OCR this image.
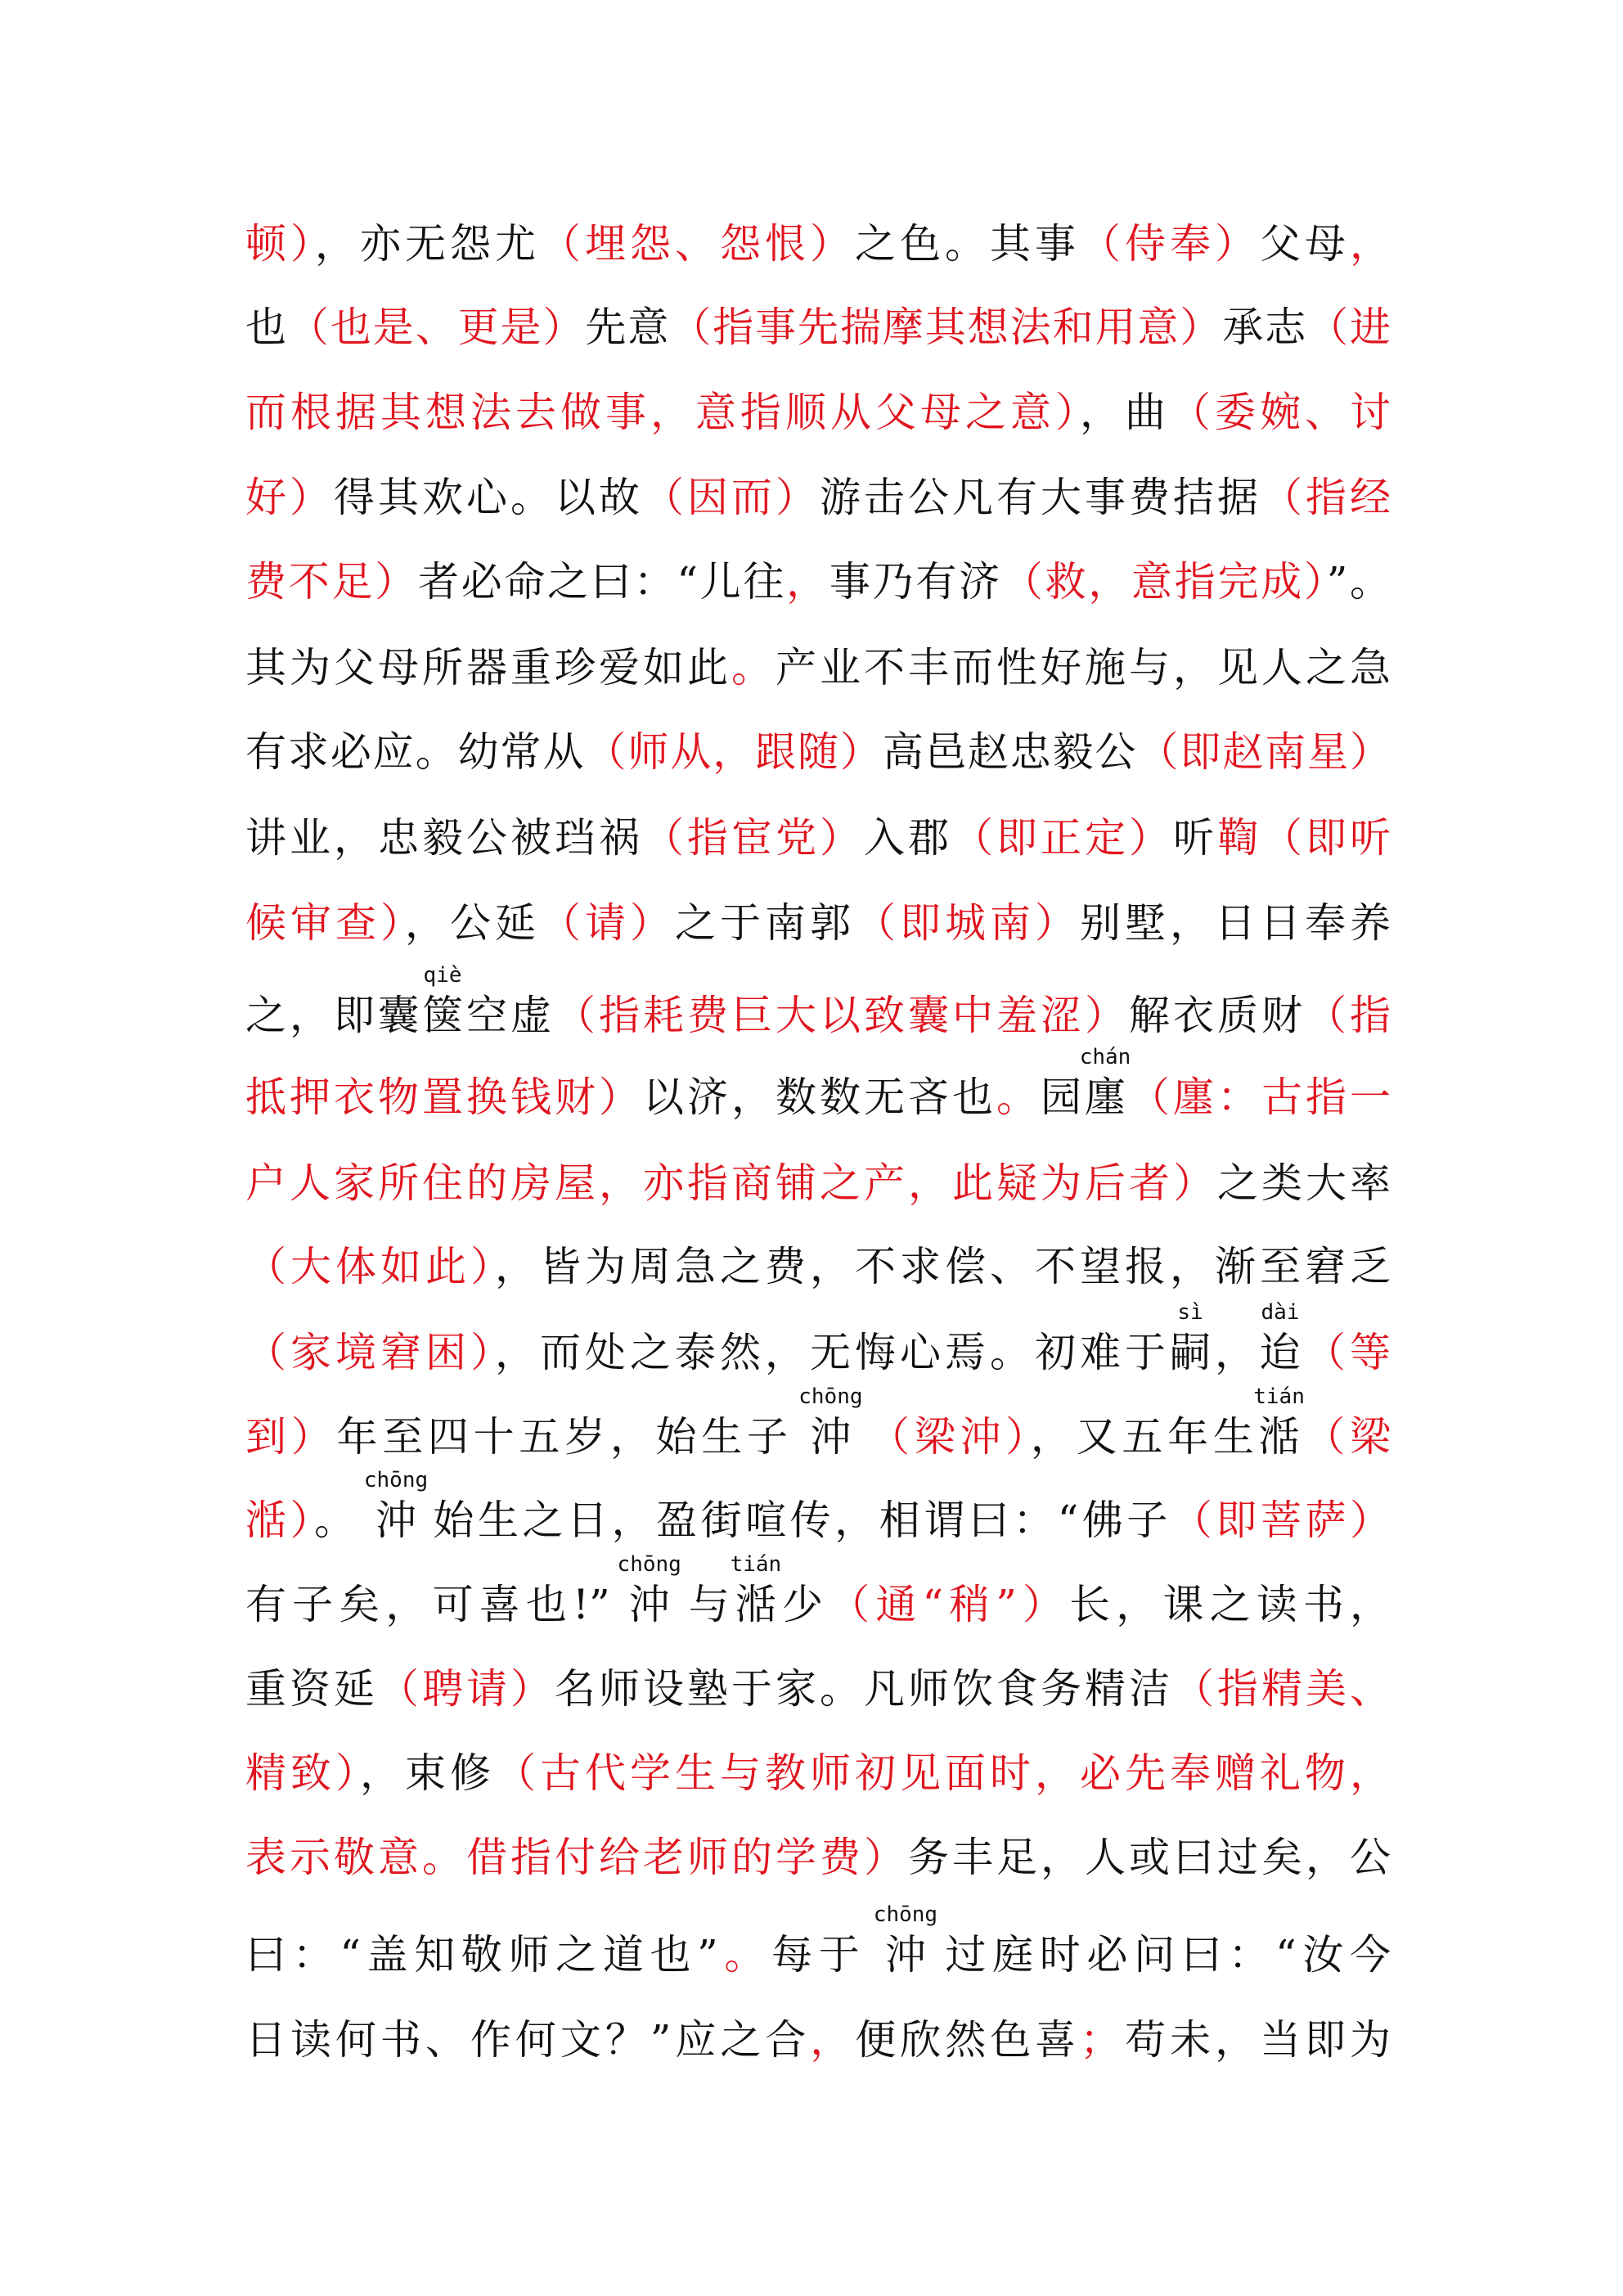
顿），亦无怨尤（埋怨、怨恨）之色。其事（侍奉）父母，
也（也是、更是）先意（指事先揣摩其想法和用意）承志（进
而根据其想法去做事，意指顺从父母之意），曲（委婉、讨
好）得其欢心。以故（因而）游击公凡有大事费拮据（指经
费不足）者必命之曰：“儿往，事乃有济（救，意指完成）”。
其为父母所器重珍爱如此。产业不丰而性好施与，见人之急
有求必应。幼常从（师从，跟随）高邑赵忠毅公（即赵南星）
讲业，忠毅公被珰祸（指宦党）入郡（即正定）听鞫（即听
候审查），公延（请）之于南郭（即城南）别墅，日日奉养
之，即囊
qiè
箧空虚（指耗费巨大以致囊中羞涩）解衣质财（指
抵押衣物置换钱财）以济，数数无吝也。园
chán
廛（廛：古指一
户人家所住的房屋，亦指商铺之产，此疑为后者）之类大率
（大体如此），皆为周急之费，不求偿、不望报，渐至窘乏
（家境窘困），而处之泰然，无悔心焉。初难于
sì
嗣，
dài
迨（等
到）年至四十五岁，始生子
chōng
沖 （梁沖），又五年生
tián
湉（梁
湉）。
chōng
沖 始生之日，盈街喧传，相谓曰：“佛子（即菩萨）
有子矣，可喜也!”
chōng
沖 与
tián
湉少（通“稍”）长，课之读书，
重资延（聘请）名师设塾于家。凡师饮食务精洁（指精美、
精致），束修（古代学生与教师初见面时，必先奉赠礼物，
表示敬意。借指付给老师的学费）务丰足，人或曰过矣，公
曰：“盖知敬师之道也”。每于
chōng
沖 过庭时必问曰：“汝今
日读何书、作何文？”应之合，便欣然色喜；苟未，当即为
